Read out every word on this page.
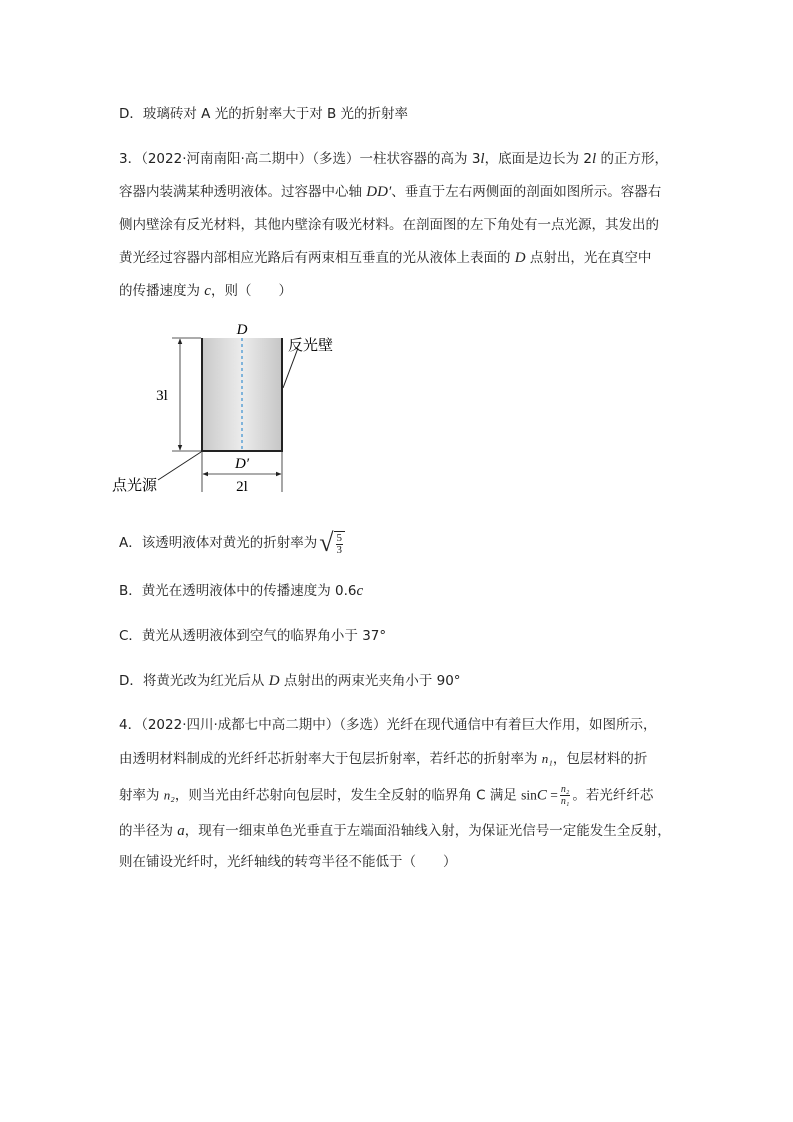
D．玻璃砖对 A 光的折射率大于对 B 光的折射率
3．（2022·河南南阳·高二期中）（多选）一柱状容器的高为 3l，底面是边长为 2l 的正方形，
容器内装满某种透明液体。过容器中心轴 DD′、垂直于左右两侧面的剖面如图所示。容器右
侧内壁涂有反光材料，其他内壁涂有吸光材料。在剖面图的左下角处有一点光源，其发出的
黄光经过容器内部相应光路后有两束相互垂直的光从液体上表面的 D 点射出，光在真空中
的传播速度为 c，则（　　）
3l
2l
D
D′
反光壁
点光源
A．该透明液体对黄光的折射率为 √ 5
3
B．黄光在透明液体中的传播速度为 0.6c
C．黄光从透明液体到空气的临界角小于 37°
D．将黄光改为红光后从 D 点射出的两束光夹角小于 90°
4．（2022·四川·成都七中高二期中）（多选）光纤在现代通信中有着巨大作用，如图所示，
由透明材料制成的光纤纤芯折射率大于包层折射率，若纤芯的折射率为 n₁，包层材料的折
射率为 n₂，则当光由纤芯射向包层时，发生全反射的临界角 C 满足 $\sin C = \frac{\text{n₂}}{\text{n₁}}$ 。若光纤纤芯
的半径为 a，现有一细束单色光垂直于左端面沿轴线入射，为保证光信号一定能发生全反射，
则在铺设光纤时，光纤轴线的转弯半径不能低于（　　）
